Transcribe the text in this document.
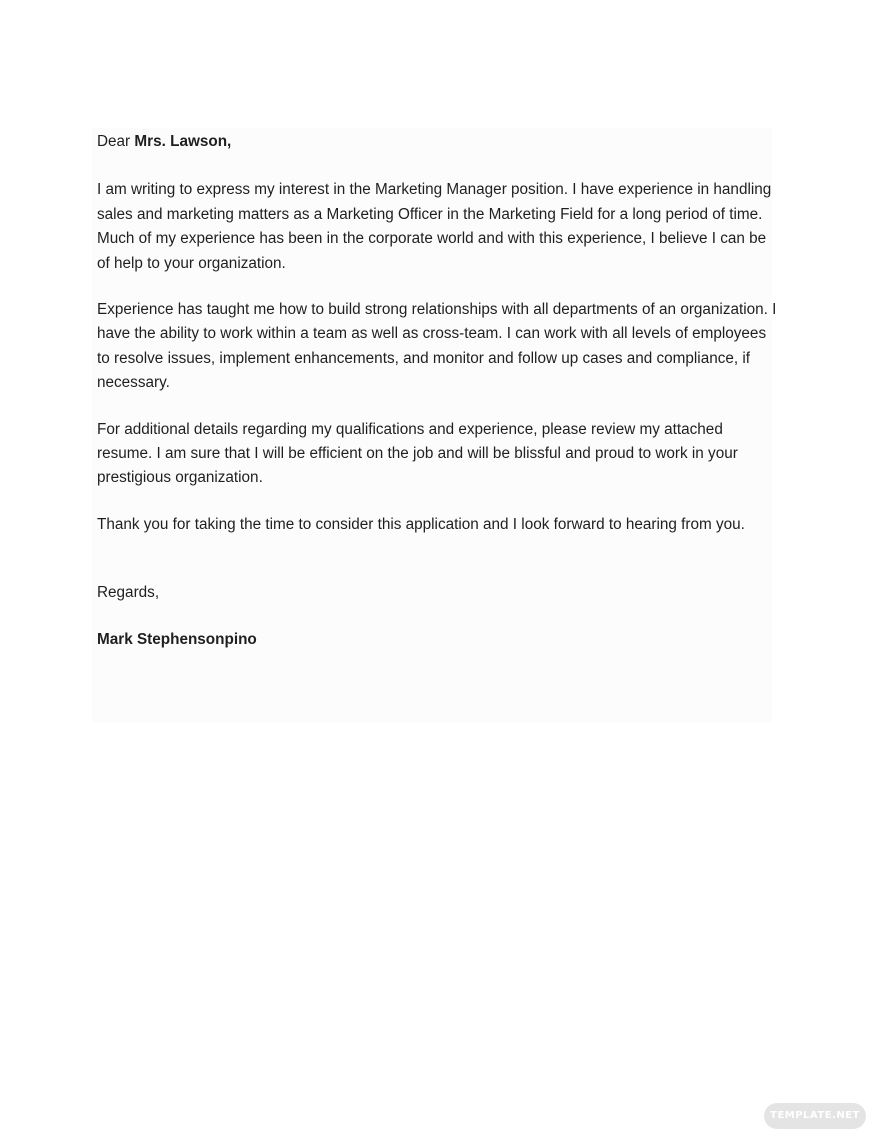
Dear Mrs. Lawson,

I am writing to express my interest in the Marketing Manager position. I have experience in handling sales and marketing matters as a Marketing Officer in the Marketing Field for a long period of time. Much of my experience has been in the corporate world and with this experience, I believe I can be of help to your organization.

Experience has taught me how to build strong relationships with all departments of an organization. I have the ability to work within a team as well as cross-team. I can work with all levels of employees to resolve issues, implement enhancements, and monitor and follow up cases and compliance, if necessary.

For additional details regarding my qualifications and experience, please review my attached resume. I am sure that I will be efficient on the job and will be blissful and proud to work in your prestigious organization.

Thank you for taking the time to consider this application and I look forward to hearing from you.

Regards,

Mark Stephensonpino

TEMPLATE.NET
